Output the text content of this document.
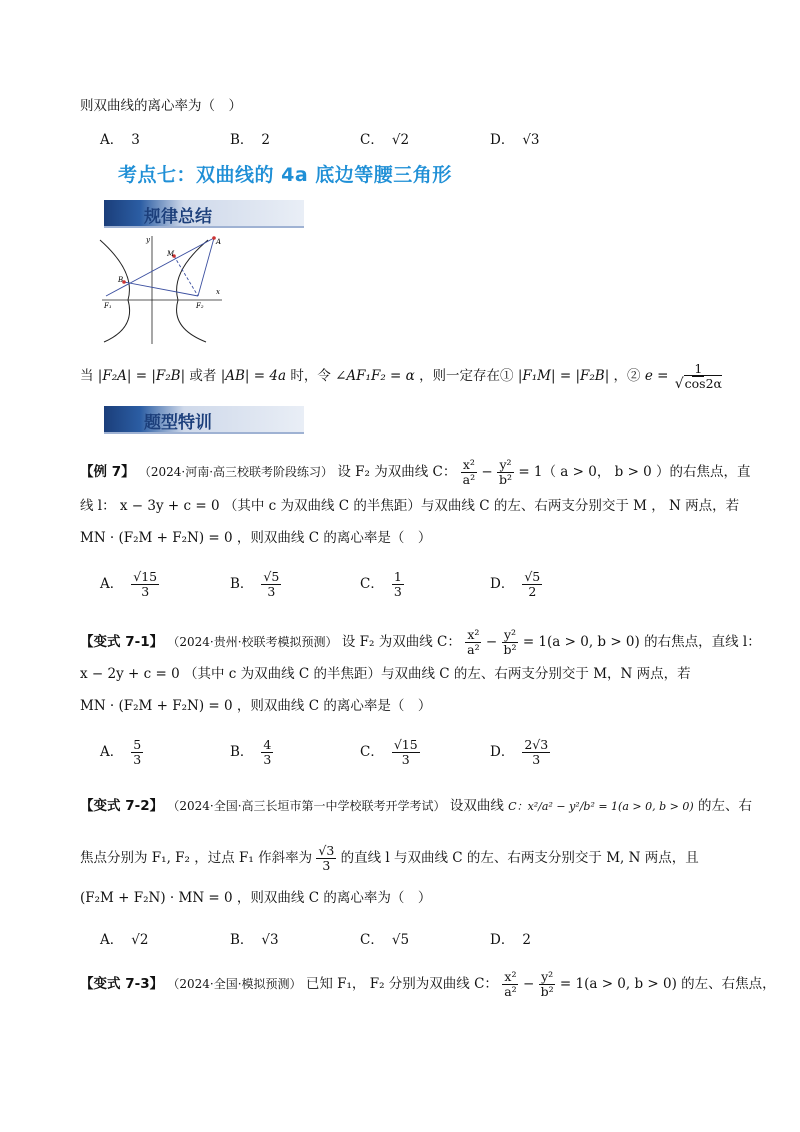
则双曲线的离心率为（　）
A． 3	B． 2	C． √2	D． √3
考点七：双曲线的 4a 底边等腰三角形
规律总结
y
x
M
A
B
F₁	F₂
当 |F₂A| = |F₂B| 或者 |AB| = 4a 时，令 ∠AF₁F₂ = α ，则一定存在① |F₁M| = |F₂B| ，② $e = \frac{1}{√\cos 2\alpha}$
题型特训
【例 7】 （2024·河南·高三校联考阶段练习） 设 F₂ 为双曲线 C： $\frac{\text{x²}}{\text{a²}} - \frac{\text{y²}}{\text{b²}} = 1$（ a > 0， b > 0 ）的右焦点，直
线 l： x − 3y + c = 0 （其中 c 为双曲线 C 的半焦距）与双曲线 C 的左、右两支分别交于 M ， N 两点，若
MN · (F₂M + F₂N) = 0 ，则双曲线 C 的离心率是（　）
A． $\frac{√15}{3}$	B． $\frac{√5}{3}$	C． $\frac{1}{3}$	D． $\frac{√5}{2}$
【变式 7-1】 （2024·贵州·校联考模拟预测） 设 F₂ 为双曲线 C： $\frac{\text{x²}}{\text{a²}} - \frac{\text{y²}}{\text{b²}} = 1(a > 0$, b > 0) 的右焦点，直线 l：
x − 2y + c = 0 （其中 c 为双曲线 C 的半焦距）与双曲线 C 的左、右两支分别交于 M，N 两点，若
MN · (F₂M + F₂N) = 0 ，则双曲线 C 的离心率是（　）
A． $\frac{5}{3}$	B． $\frac{4}{3}$	C． $\frac{√15}{3}$	D． $\frac{2√3}{3}$
【变式 7-2】 （2024·全国·高三长垣市第一中学校联考开学考试） 设双曲线 C：x²/a² − y²/b² = 1(a > 0, b > 0) 的左、右
焦点分别为 F₁, F₂ ，过点 F₁ 作斜率为 $\frac{√3}{3}$ 的直线 l 与双曲线 C 的左、右两支分别交于 M, N 两点，且
(F₂M + F₂N) · MN = 0 ，则双曲线 C 的离心率为（　）
A． √2	B． √3	C． √5	D． 2
【变式 7-3】 （2024·全国·模拟预测） 已知 F₁， F₂ 分别为双曲线 C： $\frac{\text{x²}}{\text{a²}} - \frac{\text{y²}}{\text{b²}} = 1(a > 0$, b > 0) 的左、右焦点，
